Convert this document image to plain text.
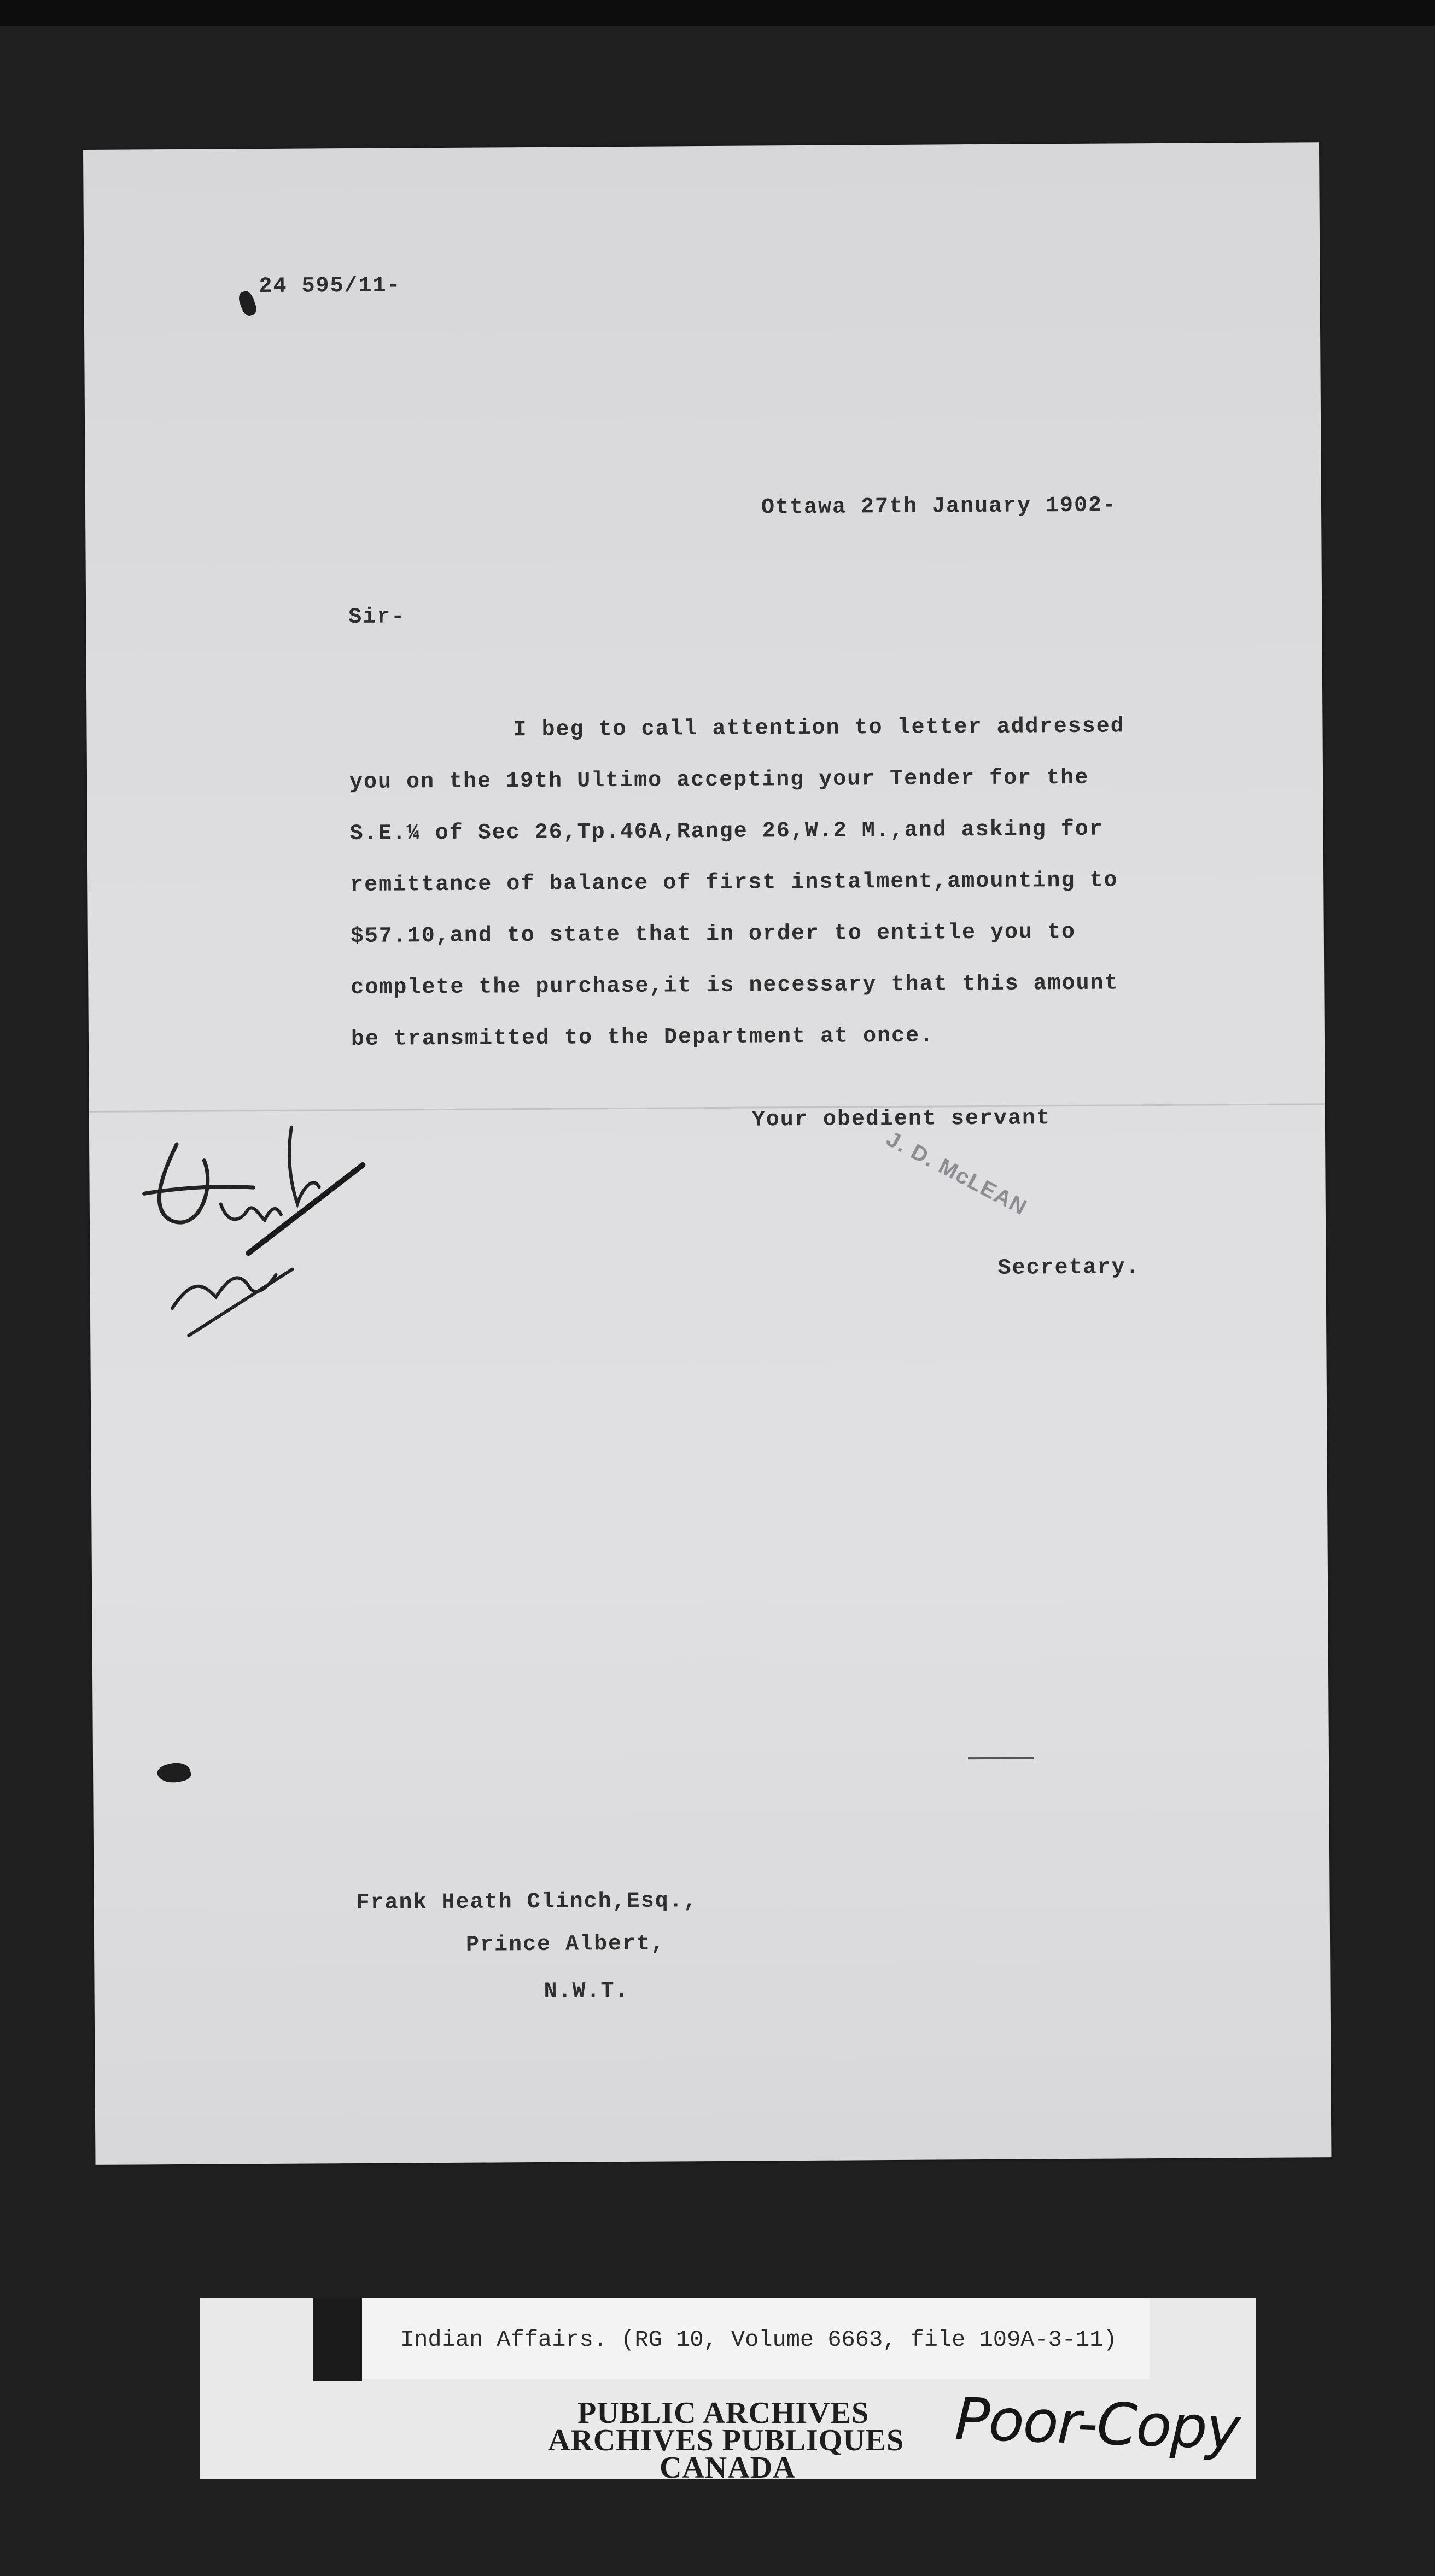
24 595/11-
Ottawa 27th January 1902-
Sir-
I beg to call attention to letter addressed
you on the 19th Ultimo accepting your Tender for the
S.E.¼ of Sec 26,Tp.46A,Range 26,W.2 M.,and asking for
remittance of balance of first instalment,amounting to
$57.10,and to state that in order to entitle you to
complete the purchase,it is necessary that this amount
be transmitted to the Department at once.
Your obedient servant
J. D. McLEAN
Secretary.
Frank Heath Clinch,Esq.,
Prince Albert,
N.W.T.
Indian Affairs. (RG 10, Volume 6663, file 109A-3-11)
PUBLIC ARCHIVES
ARCHIVES PUBLIQUES
CANADA
Poor-Copy
